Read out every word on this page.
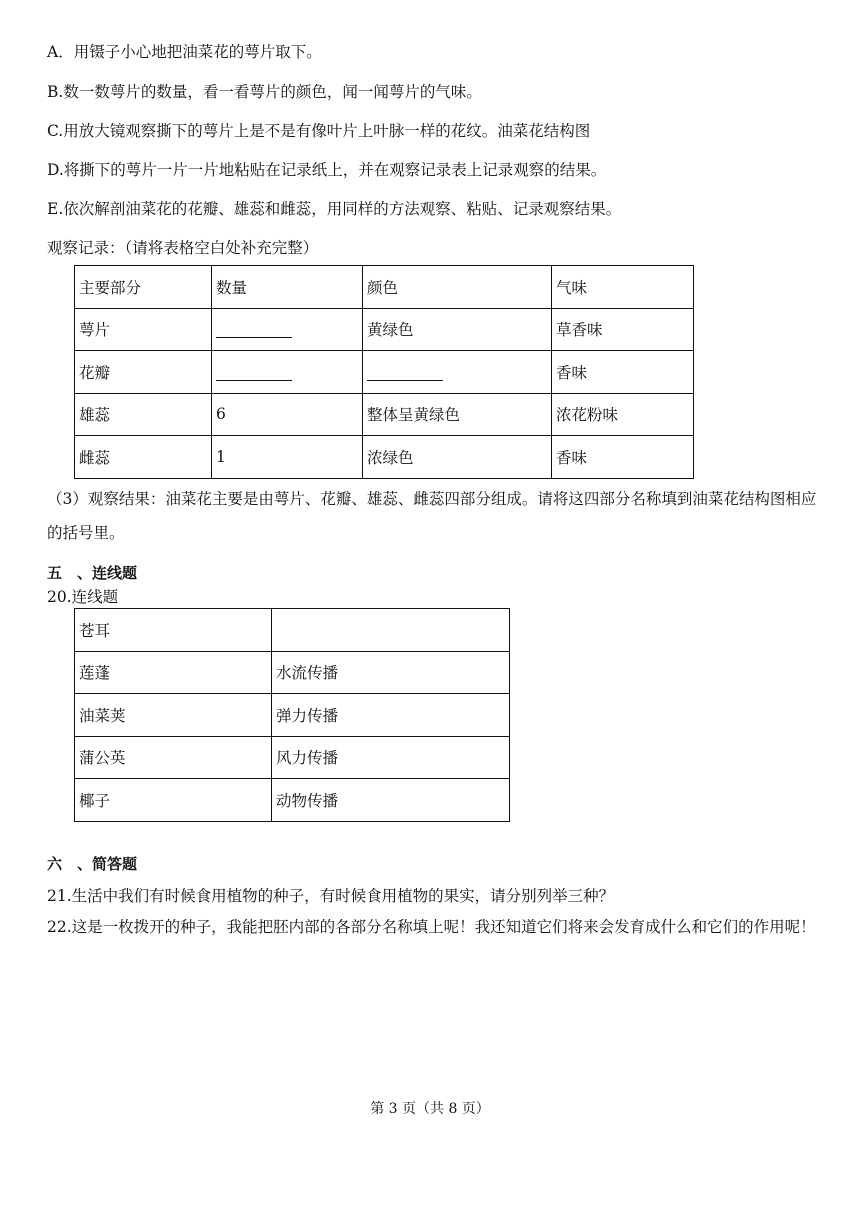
A．用镊子小心地把油菜花的萼片取下。
B.数一数萼片的数量，看一看萼片的颜色，闻一闻萼片的气味。
C.用放大镜观察撕下的萼片上是不是有像叶片上叶脉一样的花纹。油菜花结构图
D.将撕下的萼片一片一片地粘贴在记录纸上，并在观察记录表上记录观察的结果。
E.依次解剖油菜花的花瓣、雄蕊和雌蕊，用同样的方法观察、粘贴、记录观察结果。
观察记录：（请将表格空白处补充完整）
主要部分	数量	颜色	气味
萼片		黄绿色	草香味
花瓣			香味
雄蕊	6	整体呈黄绿色	浓花粉味
雌蕊	1	浓绿色	香味
（3）观察结果：油菜花主要是由萼片、花瓣、雄蕊、雌蕊四部分组成。请将这四部分名称填到油菜花结构图相应的括号里。
五　、连线题
20.连线题
苍耳	
莲蓬	水流传播
油菜荚	弹力传播
蒲公英	风力传播
椰子	动物传播
六　、简答题
21.生活中我们有时候食用植物的种子，有时候食用植物的果实，请分别列举三种？
22.这是一枚拨开的种子，我能把胚内部的各部分名称填上呢！我还知道它们将来会发育成什么和它们的作用呢！
第 3 页（共 8 页）
